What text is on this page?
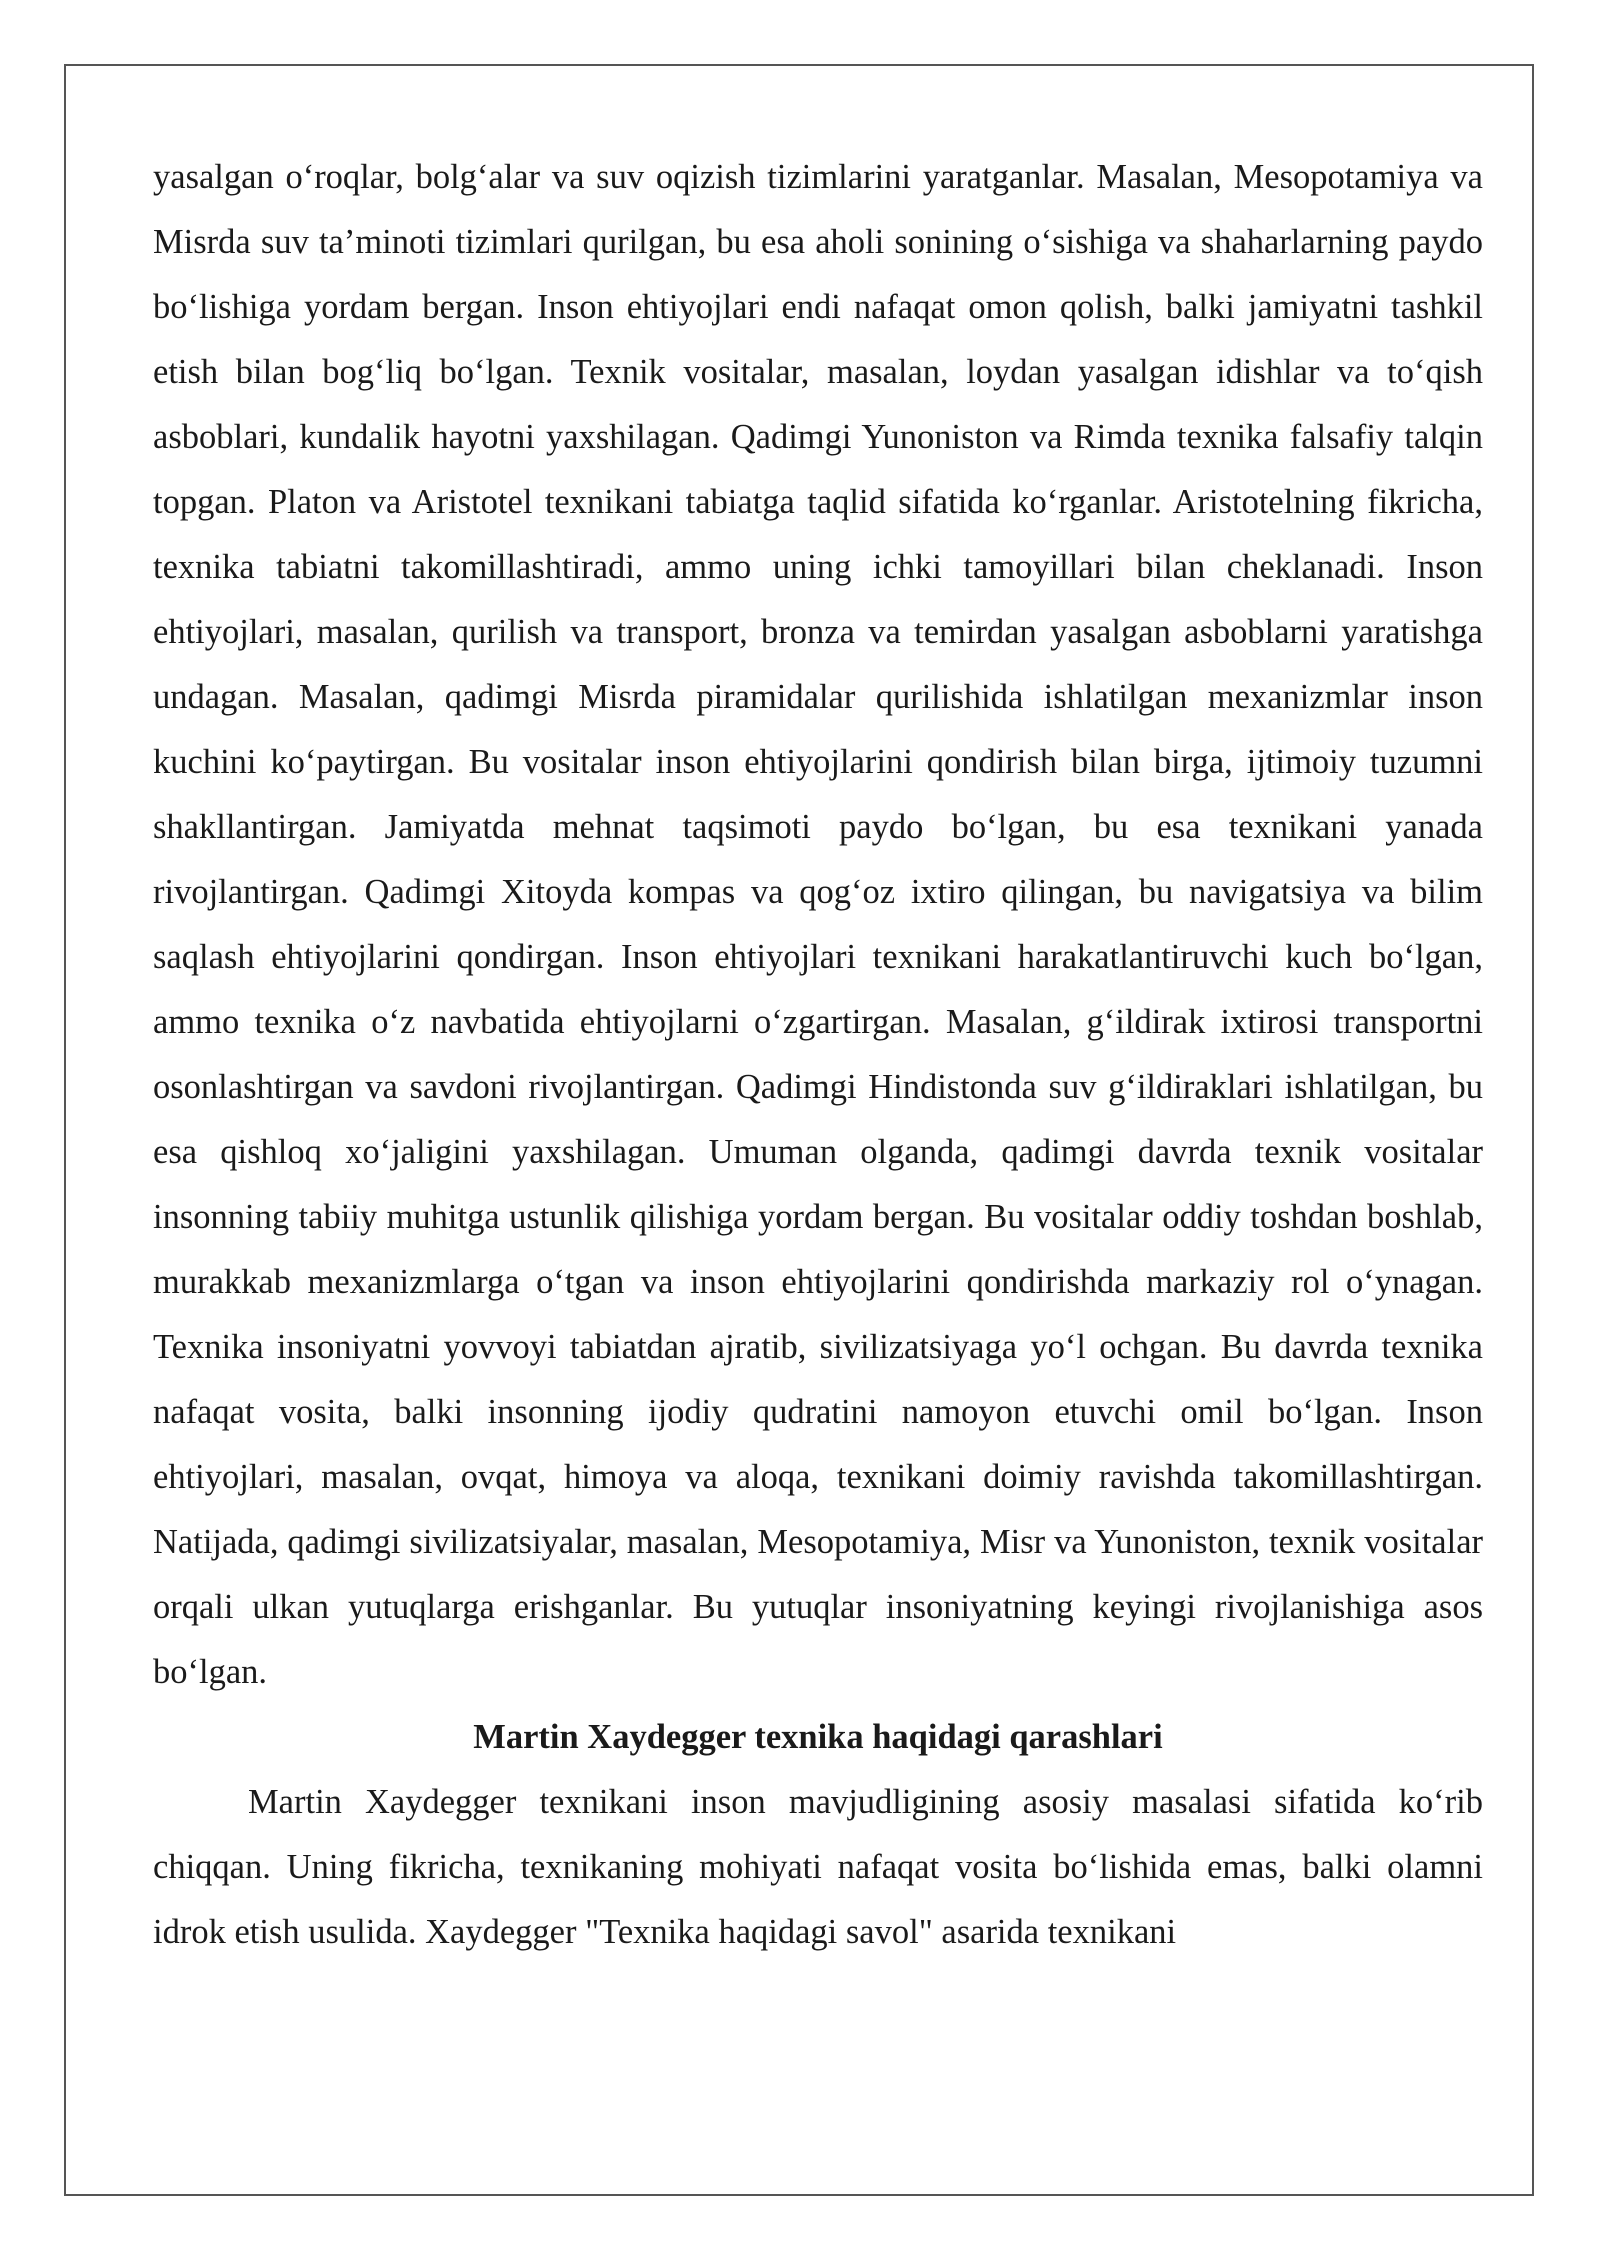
yasalgan o‘roqlar, bolg‘alar va suv oqizish tizimlarini yaratganlar. Masalan, Mesopotamiya va Misrda suv ta’minoti tizimlari qurilgan, bu esa aholi sonining o‘sishiga va shaharlarning paydo bo‘lishiga yordam bergan. Inson ehtiyojlari endi nafaqat omon qolish, balki jamiyatni tashkil etish bilan bog‘liq bo‘lgan. Texnik vositalar, masalan, loydan yasalgan idishlar va to‘qish asboblari, kundalik hayotni yaxshilagan. Qadimgi Yunoniston va Rimda texnika falsafiy talqin topgan. Platon va Aristotel texnikani tabiatga taqlid sifatida ko‘rganlar. Aristotelning fikricha, texnika tabiatni takomillashtiradi, ammo uning ichki tamoyillari bilan cheklanadi. Inson ehtiyojlari, masalan, qurilish va transport, bronza va temirdan yasalgan asboblarni yaratishga undagan. Masalan, qadimgi Misrda piramidalar qurilishida ishlatilgan mexanizmlar inson kuchini ko‘paytirgan. Bu vositalar inson ehtiyojlarini qondirish bilan birga, ijtimoiy tuzumni shakllantirgan. Jamiyatda mehnat taqsimoti paydo bo‘lgan, bu esa texnikani yanada rivojlantirgan. Qadimgi Xitoyda kompas va qog‘oz ixtiro qilingan, bu navigatsiya va bilim saqlash ehtiyojlarini qondirgan. Inson ehtiyojlari texnikani harakatlantiruvchi kuch bo‘lgan, ammo texnika o‘z navbatida ehtiyojlarni o‘zgartirgan. Masalan, g‘ildirak ixtirosi transportni osonlashtirgan va savdoni rivojlantirgan. Qadimgi Hindistonda suv g‘ildiraklari ishlatilgan, bu esa qishloq xo‘jaligini yaxshilagan. Umuman olganda, qadimgi davrda texnik vositalar insonning tabiiy muhitga ustunlik qilishiga yordam bergan. Bu vositalar oddiy toshdan boshlab, murakkab mexanizmlarga o‘tgan va inson ehtiyojlarini qondirishda markaziy rol o‘ynagan. Texnika insoniyatni yovvoyi tabiatdan ajratib, sivilizatsiyaga yo‘l ochgan. Bu davrda texnika nafaqat vosita, balki insonning ijodiy qudratini namoyon etuvchi omil bo‘lgan. Inson ehtiyojlari, masalan, ovqat, himoya va aloqa, texnikani doimiy ravishda takomillashtirgan. Natijada, qadimgi sivilizatsiyalar, masalan, Mesopotamiya, Misr va Yunoniston, texnik vositalar orqali ulkan yutuqlarga erishganlar. Bu yutuqlar insoniyatning keyingi rivojlanishiga asos bo‘lgan.

Martin Xaydegger texnika haqidagi qarashlari

Martin Xaydegger texnikani inson mavjudligining asosiy masalasi sifatida ko‘rib chiqqan. Uning fikricha, texnikaning mohiyati nafaqat vosita bo‘lishida emas, balki olamni idrok etish usulida. Xaydegger "Texnika haqidagi savol" asarida texnikani
